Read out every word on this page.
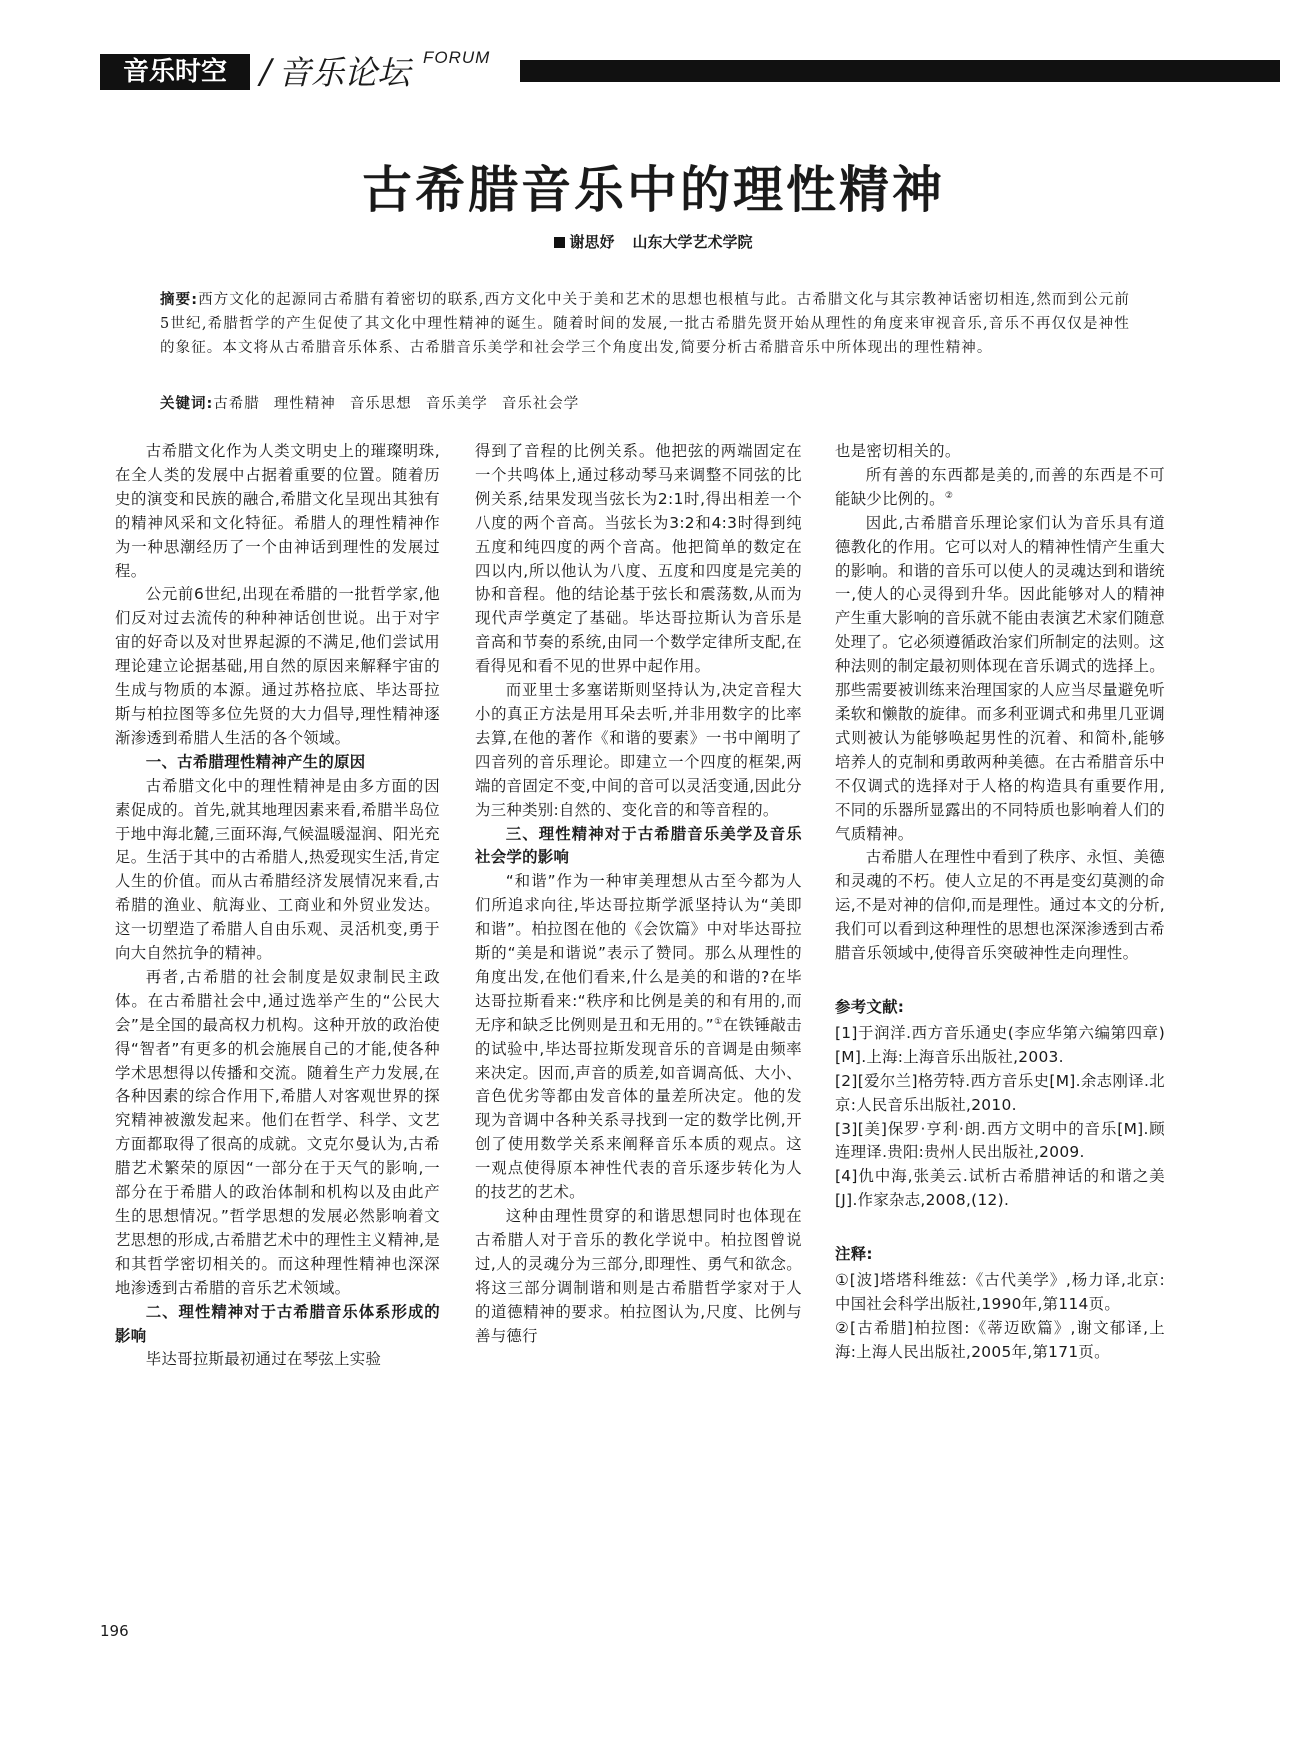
音乐时空 / 音乐论坛 FORUM
古希腊音乐中的理性精神
谢思妤 山东大学艺术学院
摘要:西方文化的起源同古希腊有着密切的联系,西方文化中关于美和艺术的思想也根植与此。古希腊文化与其宗教神话密切相连,然而到公元前5世纪,希腊哲学的产生促使了其文化中理性精神的诞生。随着时间的发展,一批古希腊先贤开始从理性的角度来审视音乐,音乐不再仅仅是神性的象征。本文将从古希腊音乐体系、古希腊音乐美学和社会学三个角度出发,简要分析古希腊音乐中所体现出的理性精神。
关键词:古希腊 理性精神 音乐思想 音乐美学 音乐社会学

古希腊文化作为人类文明史上的璀璨明珠,在全人类的发展中占据着重要的位置。随着历史的演变和民族的融合,希腊文化呈现出其独有的精神风采和文化特征。希腊人的理性精神作为一种思潮经历了一个由神话到理性的发展过程。

公元前6世纪,出现在希腊的一批哲学家,他们反对过去流传的种种神话创世说。出于对宇宙的好奇以及对世界起源的不满足,他们尝试用理论建立论据基础,用自然的原因来解释宇宙的生成与物质的本源。通过苏格拉底、毕达哥拉斯与柏拉图等多位先贤的大力倡导,理性精神逐渐渗透到希腊人生活的各个领域。

一、古希腊理性精神产生的原因

古希腊文化中的理性精神是由多方面的因素促成的。首先,就其地理因素来看,希腊半岛位于地中海北麓,三面环海,气候温暖湿润、阳光充足。生活于其中的古希腊人,热爱现实生活,肯定人生的价值。而从古希腊经济发展情况来看,古希腊的渔业、航海业、工商业和外贸业发达。这一切塑造了希腊人自由乐观、灵活机变,勇于向大自然抗争的精神。

再者,古希腊的社会制度是奴隶制民主政体。在古希腊社会中,通过选举产生的“公民大会”是全国的最高权力机构。这种开放的政治使得“智者”有更多的机会施展自己的才能,使各种学术思想得以传播和交流。随着生产力发展,在各种因素的综合作用下,希腊人对客观世界的探究精神被激发起来。他们在哲学、科学、文艺方面都取得了很高的成就。文克尔曼认为,古希腊艺术繁荣的原因“一部分在于天气的影响,一部分在于希腊人的政治体制和机构以及由此产生的思想情况。”哲学思想的发展必然影响着文艺思想的形成,古希腊艺术中的理性主义精神,是和其哲学密切相关的。而这种理性精神也深深地渗透到古希腊的音乐艺术领域。

二、理性精神对于古希腊音乐体系形成的影响

毕达哥拉斯最初通过在琴弦上实验

得到了音程的比例关系。他把弦的两端固定在一个共鸣体上,通过移动琴马来调整不同弦的比例关系,结果发现当弦长为2:1时,得出相差一个八度的两个音高。当弦长为3:2和4:3时得到纯五度和纯四度的两个音高。他把简单的数定在四以内,所以他认为八度、五度和四度是完美的协和音程。他的结论基于弦长和震荡数,从而为现代声学奠定了基础。毕达哥拉斯认为音乐是音高和节奏的系统,由同一个数学定律所支配,在看得见和看不见的世界中起作用。

而亚里士多塞诺斯则坚持认为,决定音程大小的真正方法是用耳朵去听,并非用数字的比率去算,在他的著作《和谐的要素》一书中阐明了四音列的音乐理论。即建立一个四度的框架,两端的音固定不变,中间的音可以灵活变通,因此分为三种类别:自然的、变化音的和等音程的。

三、理性精神对于古希腊音乐美学及音乐社会学的影响

“和谐”作为一种审美理想从古至今都为人们所追求向往,毕达哥拉斯学派坚持认为“美即和谐”。柏拉图在他的《会饮篇》中对毕达哥拉斯的“美是和谐说”表示了赞同。那么从理性的角度出发,在他们看来,什么是美的和谐的?在毕达哥拉斯看来:“秩序和比例是美的和有用的,而无序和缺乏比例则是丑和无用的。”①在铁锤敲击的试验中,毕达哥拉斯发现音乐的音调是由频率来决定。因而,声音的质差,如音调高低、大小、音色优劣等都由发音体的量差所决定。他的发现为音调中各种关系寻找到一定的数学比例,开创了使用数学关系来阐释音乐本质的观点。这一观点使得原本神性代表的音乐逐步转化为人的技艺的艺术。

这种由理性贯穿的和谐思想同时也体现在古希腊人对于音乐的教化学说中。柏拉图曾说过,人的灵魂分为三部分,即理性、勇气和欲念。将这三部分调制谐和则是古希腊哲学家对于人的道德精神的要求。柏拉图认为,尺度、比例与善与德行

也是密切相关的。

所有善的东西都是美的,而善的东西是不可能缺少比例的。②

因此,古希腊音乐理论家们认为音乐具有道德教化的作用。它可以对人的精神性情产生重大的影响。和谐的音乐可以使人的灵魂达到和谐统一,使人的心灵得到升华。因此能够对人的精神产生重大影响的音乐就不能由表演艺术家们随意处理了。它必须遵循政治家们所制定的法则。这种法则的制定最初则体现在音乐调式的选择上。那些需要被训练来治理国家的人应当尽量避免听柔软和懒散的旋律。而多利亚调式和弗里几亚调式则被认为能够唤起男性的沉着、和简朴,能够培养人的克制和勇敢两种美德。在古希腊音乐中不仅调式的选择对于人格的构造具有重要作用,不同的乐器所显露出的不同特质也影响着人们的气质精神。

古希腊人在理性中看到了秩序、永恒、美德和灵魂的不朽。使人立足的不再是变幻莫测的命运,不是对神的信仰,而是理性。通过本文的分析,我们可以看到这种理性的思想也深深渗透到古希腊音乐领域中,使得音乐突破神性走向理性。

参考文献:

[1]于润洋.西方音乐通史(李应华第六编第四章)[M].上海:上海音乐出版社,2003.

[2][爱尔兰]格劳特.西方音乐史[M].余志刚译.北京:人民音乐出版社,2010.

[3][美]保罗·亨利·朗.西方文明中的音乐[M].顾连理译.贵阳:贵州人民出版社,2009.

[4]仇中海,张美云.试析古希腊神话的和谐之美[J].作家杂志,2008,(12).

注释:

①[波]塔塔科维兹:《古代美学》,杨力译,北京:中国社会科学出版社,1990年,第114页。

②[古希腊]柏拉图:《蒂迈欧篇》,谢文郁译,上海:上海人民出版社,2005年,第171页。

196
